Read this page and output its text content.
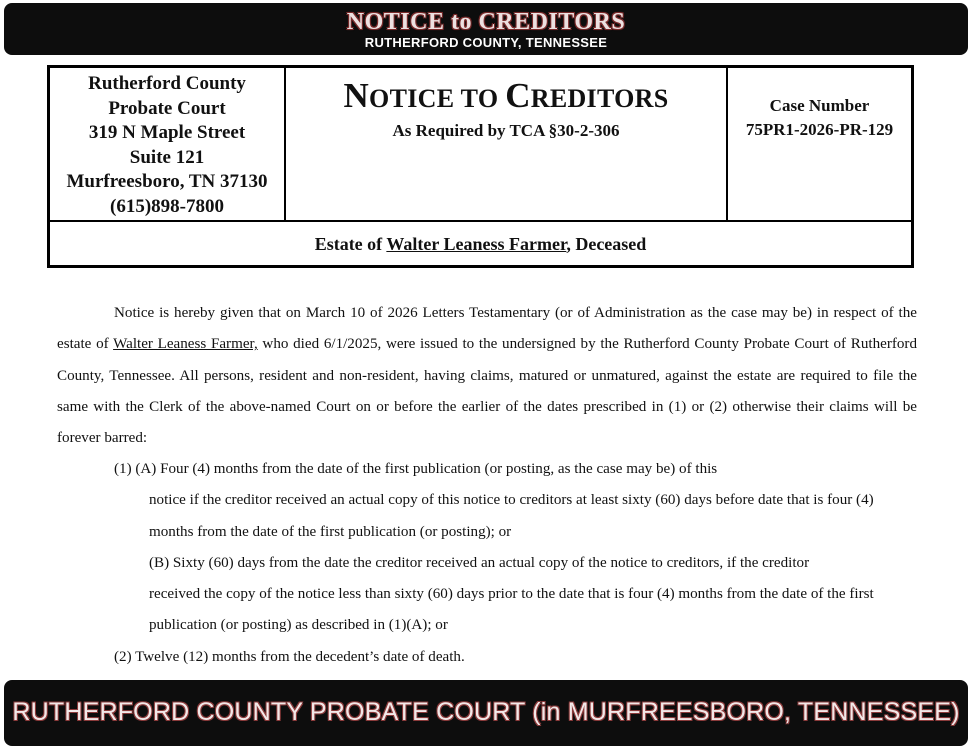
NOTICE to CREDITORS
RUTHERFORD COUNTY, TENNESSEE
Rutherford County
Probate Court
319 N Maple Street
Suite 121
Murfreesboro, TN 37130
(615)898-7800
NOTICE TO CREDITORS
As Required by TCA §30-2-306
Case Number
75PR1-2026-PR-129
Estate of Walter Leaness Farmer, Deceased

Notice is hereby given that on March 10 of 2026 Letters Testamentary (or of Administration as the case may be) in respect of the estate of Walter Leaness Farmer, who died 6/1/2025, were issued to the undersigned by the Rutherford County Probate Court of Rutherford County, Tennessee. All persons, resident and non-resident, having claims, matured or unmatured, against the estate are required to file the same with the Clerk of the above-named Court on or before the earlier of the dates prescribed in (1) or (2) otherwise their claims will be forever barred:

(1) (A) Four (4) months from the date of the first publication (or posting, as the case may be) of this
notice if the creditor received an actual copy of this notice to creditors at least sixty (60) days before date that is four (4)
months from the date of the first publication (or posting); or
(B) Sixty (60) days from the date the creditor received an actual copy of the notice to creditors, if the creditor
received the copy of the notice less than sixty (60) days prior to the date that is four (4) months from the date of the first
publication (or posting) as described in (1)(A); or
(2) Twelve (12) months from the decedent’s date of death.
RUTHERFORD COUNTY PROBATE COURT (in MURFREESBORO, TENNESSEE)
